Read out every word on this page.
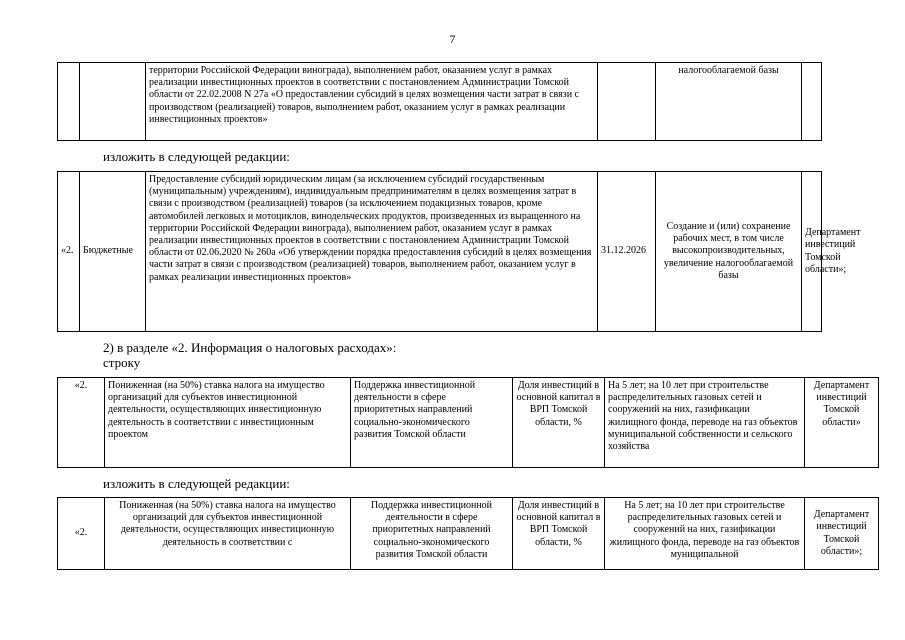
7
		территории Российской Федерации винограда), выполнением работ, оказанием услуг в рамках реализации инвестиционных проектов в соответствии с постановлением Администрации Томской области от 22.02.2008 N 27а «О предоставлении субсидий в целях возмещения части затрат в связи с производством (реализацией) товаров, выполнением работ, оказанием услуг в рамках реализации инвестиционных проектов»		налогооблагаемой базы	
изложить в следующей редакции:
«2.	Бюджетные	Предоставление субсидий юридическим лицам (за исключением субсидий государственным (муниципальным) учреждениям), индивидуальным предпринимателям в целях возмещения затрат в связи с производством (реализацией) товаров (за исключением подакцизных товаров, кроме автомобилей легковых и мотоциклов, винодельческих продуктов, произведенных из выращенного на территории Российской Федерации винограда), выполнением работ, оказанием услуг в рамках реализации инвестиционных проектов в соответствии с постановлением Администрации Томской области от 02.06.2020 № 260а «Об утверждении порядка предоставления субсидий в целях возмещения части затрат в связи с производством (реализацией) товаров, выполнением работ, оказанием услуг в рамках реализации инвестиционных проектов»	31.12.2026	Создание и (или) сохранение рабочих мест, в том числе высокопроизводительных, увеличение налогооблагаемой базы	Департамент инвестиций Томской области»;
2) в разделе «2. Информация о налоговых расходах»:
строку
«2.	Пониженная (на 50%) ставка налога на имущество организаций для субъектов инвестиционной деятельности, осуществляющих инвестиционную деятельность в соответствии с инвестиционным проектом	Поддержка инвестиционной деятельности в сфере приоритетных направлений социально-экономического развития Томской области	Доля инвестиций в основной капитал в ВРП Томской области, %	На 5 лет; на 10 лет при строительстве распределительных газовых сетей и сооружений на них, газификации жилищного фонда, переводе на газ объектов муниципальной собственности и сельского хозяйства	Департамент инвестиций Томской области»
изложить в следующей редакции:
«2.	Пониженная (на 50%) ставка налога на имущество организаций для субъектов инвестиционной деятельности, осуществляющих инвестиционную деятельность в соответствии с	Поддержка инвестиционной деятельности в сфере приоритетных направлений социально-экономического развития Томской области	Доля инвестиций в основной капитал в ВРП Томской области, %	На 5 лет; на 10 лет при строительстве распределительных газовых сетей и сооружений на них, газификации жилищного фонда, переводе на газ объектов муниципальной	Департамент инвестиций Томской области»;
